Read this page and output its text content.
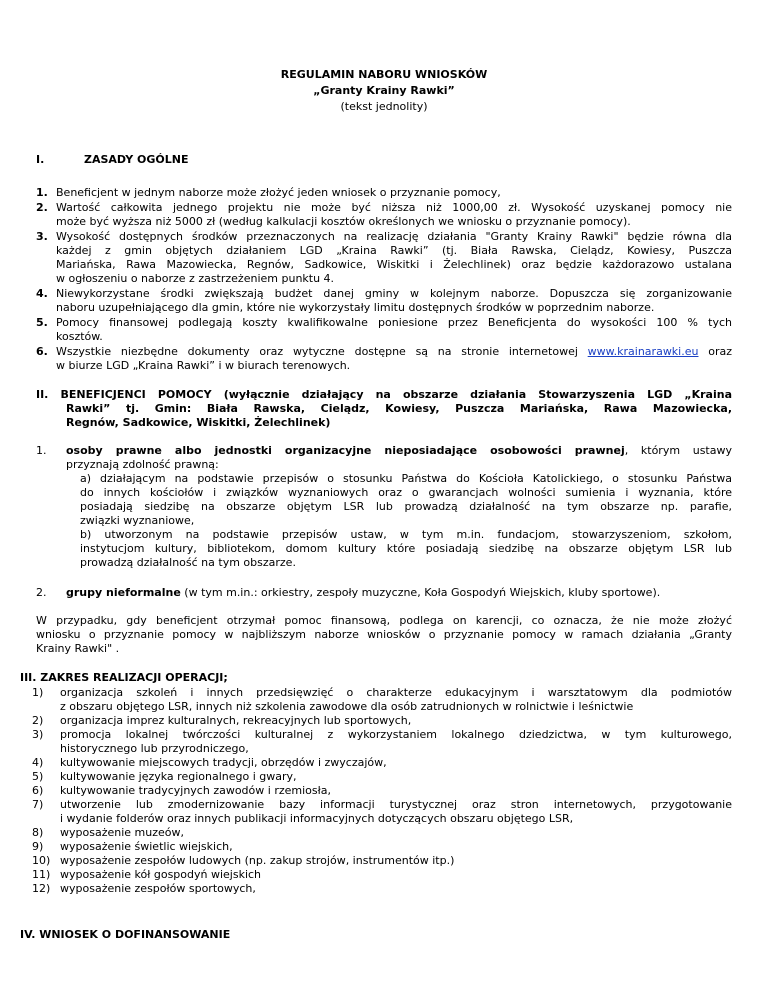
REGULAMIN NABORU WNIOSKÓW
„Granty Krainy Rawki”
(tekst jednolity)
I.	ZASADY OGÓLNE
1. Beneficjent w jednym naborze może złożyć jeden wniosek o przyznanie pomocy,
2. Wartość całkowita jednego projektu nie może być niższa niż 1000,00 zł. Wysokość uzyskanej pomocy nie
może być wyższa niż 5000 zł (według kalkulacji kosztów określonych we wniosku o przyznanie pomocy).
3. Wysokość dostępnych środków przeznaczonych na realizację działania "Granty Krainy Rawki" będzie równa dla
każdej z gmin objętych działaniem LGD „Kraina Rawki” (tj. Biała Rawska, Cielądz, Kowiesy, Puszcza
Mariańska, Rawa Mazowiecka, Regnów, Sadkowice, Wiskitki i Żelechlinek) oraz będzie każdorazowo ustalana
w ogłoszeniu o naborze z zastrzeżeniem punktu 4.
4. Niewykorzystane środki zwiększają budżet danej gminy w kolejnym naborze. Dopuszcza się zorganizowanie
naboru uzupełniającego dla gmin, które nie wykorzystały limitu dostępnych środków w poprzednim naborze.
5. Pomocy finansowej podlegają koszty kwalifikowalne poniesione przez Beneficjenta do wysokości 100 % tych
kosztów.
6. Wszystkie niezbędne dokumenty oraz wytyczne dostępne są na stronie internetowej www.krainarawki.eu oraz
w biurze LGD „Kraina Rawki” i w biurach terenowych.
II. BENEFICJENCI POMOCY (wyłącznie działający na obszarze działania Stowarzyszenia LGD „Kraina
Rawki” tj. Gmin: Biała Rawska, Cielądz, Kowiesy, Puszcza Mariańska, Rawa Mazowiecka,
Regnów, Sadkowice, Wiskitki, Żelechlinek)
1. osoby prawne albo jednostki organizacyjne nieposiadające osobowości prawnej, którym ustawy
przyznają zdolność prawną:
a) działającym na podstawie przepisów o stosunku Państwa do Kościoła Katolickiego, o stosunku Państwa
do innych kościołów i związków wyznaniowych oraz o gwarancjach wolności sumienia i wyznania, które
posiadają siedzibę na obszarze objętym LSR lub prowadzą działalność na tym obszarze np. parafie,
związki wyznaniowe,
b) utworzonym na podstawie przepisów ustaw, w tym m.in. fundacjom, stowarzyszeniom, szkołom,
instytucjom kultury, bibliotekom, domom kultury które posiadają siedzibę na obszarze objętym LSR lub
prowadzą działalność na tym obszarze.
2. grupy nieformalne (w tym m.in.: orkiestry, zespoły muzyczne, Koła Gospodyń Wiejskich, kluby sportowe).
W przypadku, gdy beneficjent otrzymał pomoc finansową, podlega on karencji, co oznacza, że nie może złożyć
wniosku o przyznanie pomocy w najbliższym naborze wniosków o przyznanie pomocy w ramach działania „Granty
Krainy Rawki" .
III. ZAKRES REALIZACJI OPERACJI;
1) organizacja szkoleń i innych przedsięwzięć o charakterze edukacyjnym i warsztatowym dla podmiotów
z obszaru objętego LSR, innych niż szkolenia zawodowe dla osób zatrudnionych w rolnictwie i leśnictwie
2) organizacja imprez kulturalnych, rekreacyjnych lub sportowych,
3) promocja lokalnej twórczości kulturalnej z wykorzystaniem lokalnego dziedzictwa, w tym kulturowego,
historycznego lub przyrodniczego,
4) kultywowanie miejscowych tradycji, obrzędów i zwyczajów,
5) kultywowanie języka regionalnego i gwary,
6) kultywowanie tradycyjnych zawodów i rzemiosła,
7) utworzenie lub zmodernizowanie bazy informacji turystycznej oraz stron internetowych, przygotowanie
i wydanie folderów oraz innych publikacji informacyjnych dotyczących obszaru objętego LSR,
8) wyposażenie muzeów,
9) wyposażenie świetlic wiejskich,
10) wyposażenie zespołów ludowych (np. zakup strojów, instrumentów itp.)
11) wyposażenie kół gospodyń wiejskich
12) wyposażenie zespołów sportowych,
IV. WNIOSEK O DOFINANSOWANIE
